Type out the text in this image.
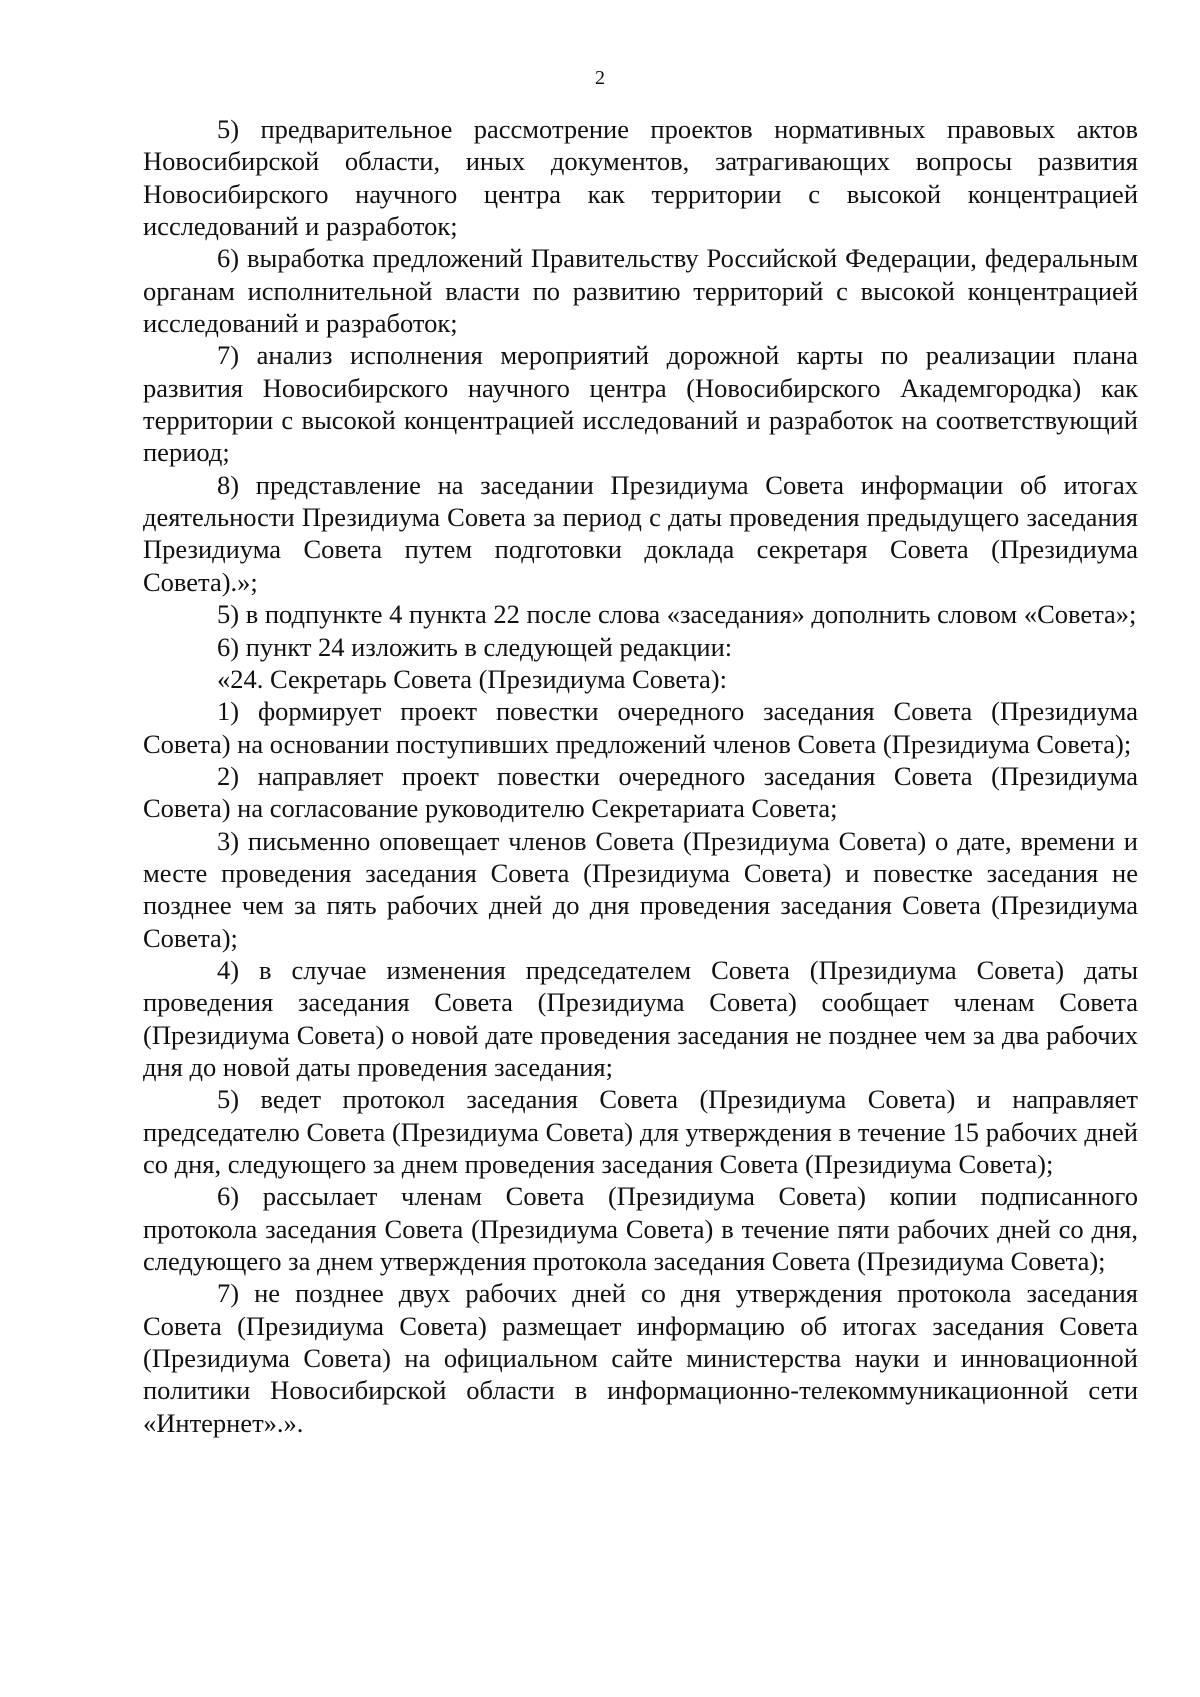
2

5) предварительное рассмотрение проектов нормативных правовых актов Новосибирской области, иных документов, затрагивающих вопросы развития Новосибирского научного центра как территории с высокой концентрацией исследований и разработок;

6) выработка предложений Правительству Российской Федерации, федеральным органам исполнительной власти по развитию территорий с высокой концентрацией исследований и разработок;

7) анализ исполнения мероприятий дорожной карты по реализации плана развития Новосибирского научного центра (Новосибирского Академгородка) как территории с высокой концентрацией исследований и разработок на соответствующий период;

8) представление на заседании Президиума Совета информации об итогах деятельности Президиума Совета за период с даты проведения предыдущего заседания Президиума Совета путем подготовки доклада секретаря Совета (Президиума Совета).»;

5) в подпункте 4 пункта 22 после слова «заседания» дополнить словом «Совета»;

6) пункт 24 изложить в следующей редакции:

«24. Секретарь Совета (Президиума Совета):

1) формирует проект повестки очередного заседания Совета (Президиума Совета) на основании поступивших предложений членов Совета (Президиума Совета);

2) направляет проект повестки очередного заседания Совета (Президиума Совета) на согласование руководителю Секретариата Совета;

3) письменно оповещает членов Совета (Президиума Совета) о дате, времени и месте проведения заседания Совета (Президиума Совета) и повестке заседания не позднее чем за пять рабочих дней до дня проведения заседания Совета (Президиума Совета);

4) в случае изменения председателем Совета (Президиума Совета) даты проведения заседания Совета (Президиума Совета) сообщает членам Совета (Президиума Совета) о новой дате проведения заседания не позднее чем за два рабочих дня до новой даты проведения заседания;

5) ведет протокол заседания Совета (Президиума Совета) и направляет председателю Совета (Президиума Совета) для утверждения в течение 15 рабочих дней со дня, следующего за днем проведения заседания Совета (Президиума Совета);

6) рассылает членам Совета (Президиума Совета) копии подписанного протокола заседания Совета (Президиума Совета) в течение пяти рабочих дней со дня, следующего за днем утверждения протокола заседания Совета (Президиума Совета);

7) не позднее двух рабочих дней со дня утверждения протокола заседания Совета (Президиума Совета) размещает информацию об итогах заседания Совета (Президиума Совета) на официальном сайте министерства науки и инновационной политики Новосибирской области в информационно-телекоммуникационной сети «Интернет».».
